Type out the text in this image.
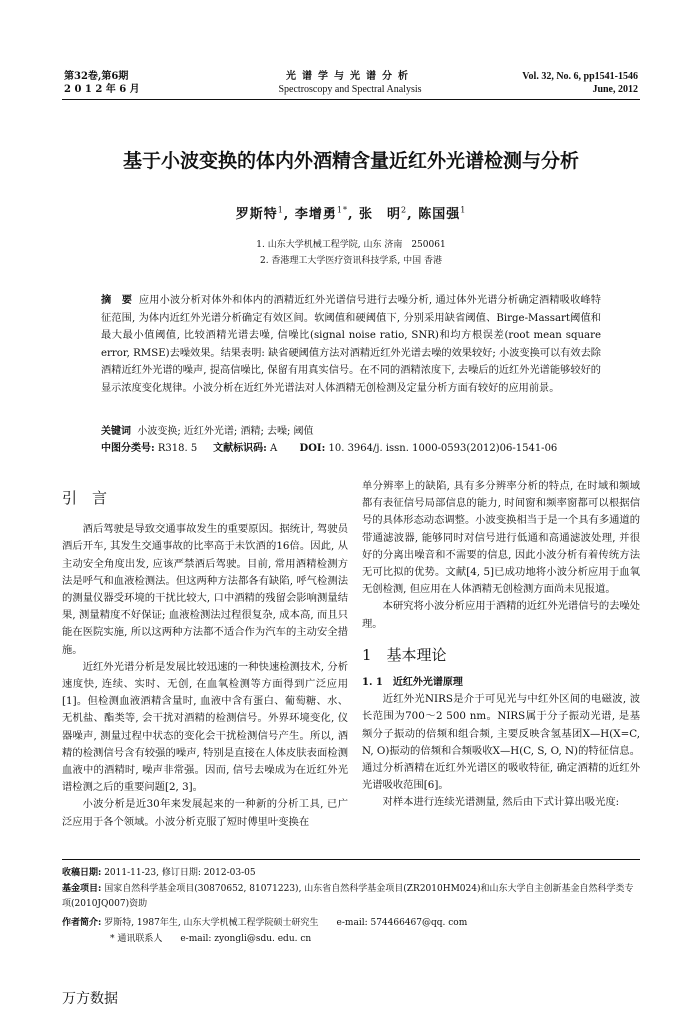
第32卷,第6期
2 0 1 2 年 6 月
光谱学与光谱分析
Spectroscopy and Spectral Analysis
Vol. 32, No. 6, pp1541-1546
June, 2012
基于小波变换的体内外酒精含量近红外光谱检测与分析
罗斯特$^1$, 李增勇$^{1*}$, 张　明$^2$, 陈国强$^1$
1. 山东大学机械工程学院, 山东 济南　250061
2. 香港理工大学医疗资讯科技学系, 中国 香港
摘　要 应用小波分析对体外和体内的酒精近红外光谱信号进行去噪分析, 通过体外光谱分析确定酒精吸收峰特征范围, 为体内近红外光谱分析确定有效区间。软阈值和硬阈值下, 分别采用缺省阈值、Birge-Massart阈值和最大最小值阈值, 比较酒精光谱去噪, 信噪比(signal noise ratio, SNR)和均方根误差(root mean square error, RMSE)去噪效果。结果表明: 缺省硬阈值方法对酒精近红外光谱去噪的效果较好; 小波变换可以有效去除酒精近红外光谱的噪声, 提高信噪比, 保留有用真实信号。在不同的酒精浓度下, 去噪后的近红外光谱能够较好的显示浓度变化规律。小波分析在近红外光谱法对人体酒精无创检测及定量分析方面有较好的应用前景。
关键词 小波变换; 近红外光谱; 酒精; 去噪; 阈值
中图分类号: R318. 5 文献标识码: A DOI: 10. 3964/j. issn. 1000-0593(2012)06-1541-06

引　言

酒后驾驶是导致交通事故发生的重要原因。据统计, 驾驶员酒后开车, 其发生交通事故的比率高于未饮酒的16倍。因此, 从主动安全角度出发, 应该严禁酒后驾驶。目前, 常用酒精检测方法是呼气和血液检测法。但这两种方法都各有缺陷, 呼气检测法的测量仪器受环境的干扰比较大, 口中酒精的残留会影响测量结果, 测量精度不好保证; 血液检测法过程很复杂, 成本高, 而且只能在医院实施, 所以这两种方法都不适合作为汽车的主动安全措施。

近红外光谱分析是发展比较迅速的一种快速检测技术, 分析速度快, 连续、实时、无创, 在血氧检测等方面得到广泛应用[1]。但检测血液酒精含量时, 血液中含有蛋白、葡萄糖、水、无机盐、酯类等, 会干扰对酒精的检测信号。外界环境变化, 仪器噪声, 测量过程中状态的变化会干扰检测信号产生。所以, 酒精的检测信号含有较强的噪声, 特别是直接在人体皮肤表面检测血液中的酒精时, 噪声非常强。因而, 信号去噪成为在近红外光谱检测之后的重要问题[2, 3]。

小波分析是近30年来发展起来的一种新的分析工具, 已广泛应用于各个领域。小波分析克服了短时傅里叶变换在

单分辨率上的缺陷, 具有多分辨率分析的特点, 在时域和频域都有表征信号局部信息的能力, 时间窗和频率窗都可以根据信号的具体形态动态调整。小波变换相当于是一个具有多通道的带通滤波器, 能够同时对信号进行低通和高通滤波处理, 并很好的分离出噪音和不需要的信息, 因此小波分析有着传统方法无可比拟的优势。文献[4, 5]已成功地将小波分析应用于血氧无创检测, 但应用在人体酒精无创检测方面尚未见报道。

本研究将小波分析应用于酒精的近红外光谱信号的去噪处理。

1　基本理论

1. 1　近红外光谱原理

近红外光NIRS是介于可见光与中红外区间的电磁波, 波长范围为700～2 500 nm。NIRS属于分子振动光谱, 是基频分子振动的倍频和组合频, 主要反映含氢基团X—H(X=C, N, O)振动的倍频和合频吸收X—H(C, S, O, N)的特征信息。通过分析酒精在近红外光谱区的吸收特征, 确定酒精的近红外光谱吸收范围[6]。

对样本进行连续光谱测量, 然后由下式计算出吸光度:

收稿日期: 2011-11-23, 修订日期: 2012-03-05
基金项目: 国家自然科学基金项目(30870652, 81071223), 山东省自然科学基金项目(ZR2010HM024)和山东大学自主创新基金自然科学类专项(2010JQ007)资助
作者简介: 罗斯特, 1987年生, 山东大学机械工程学院硕士研究生　　e-mail: 574466467@qq. com
* 通讯联系人　　e-mail: zyongli@sdu. edu. cn
万方数据
